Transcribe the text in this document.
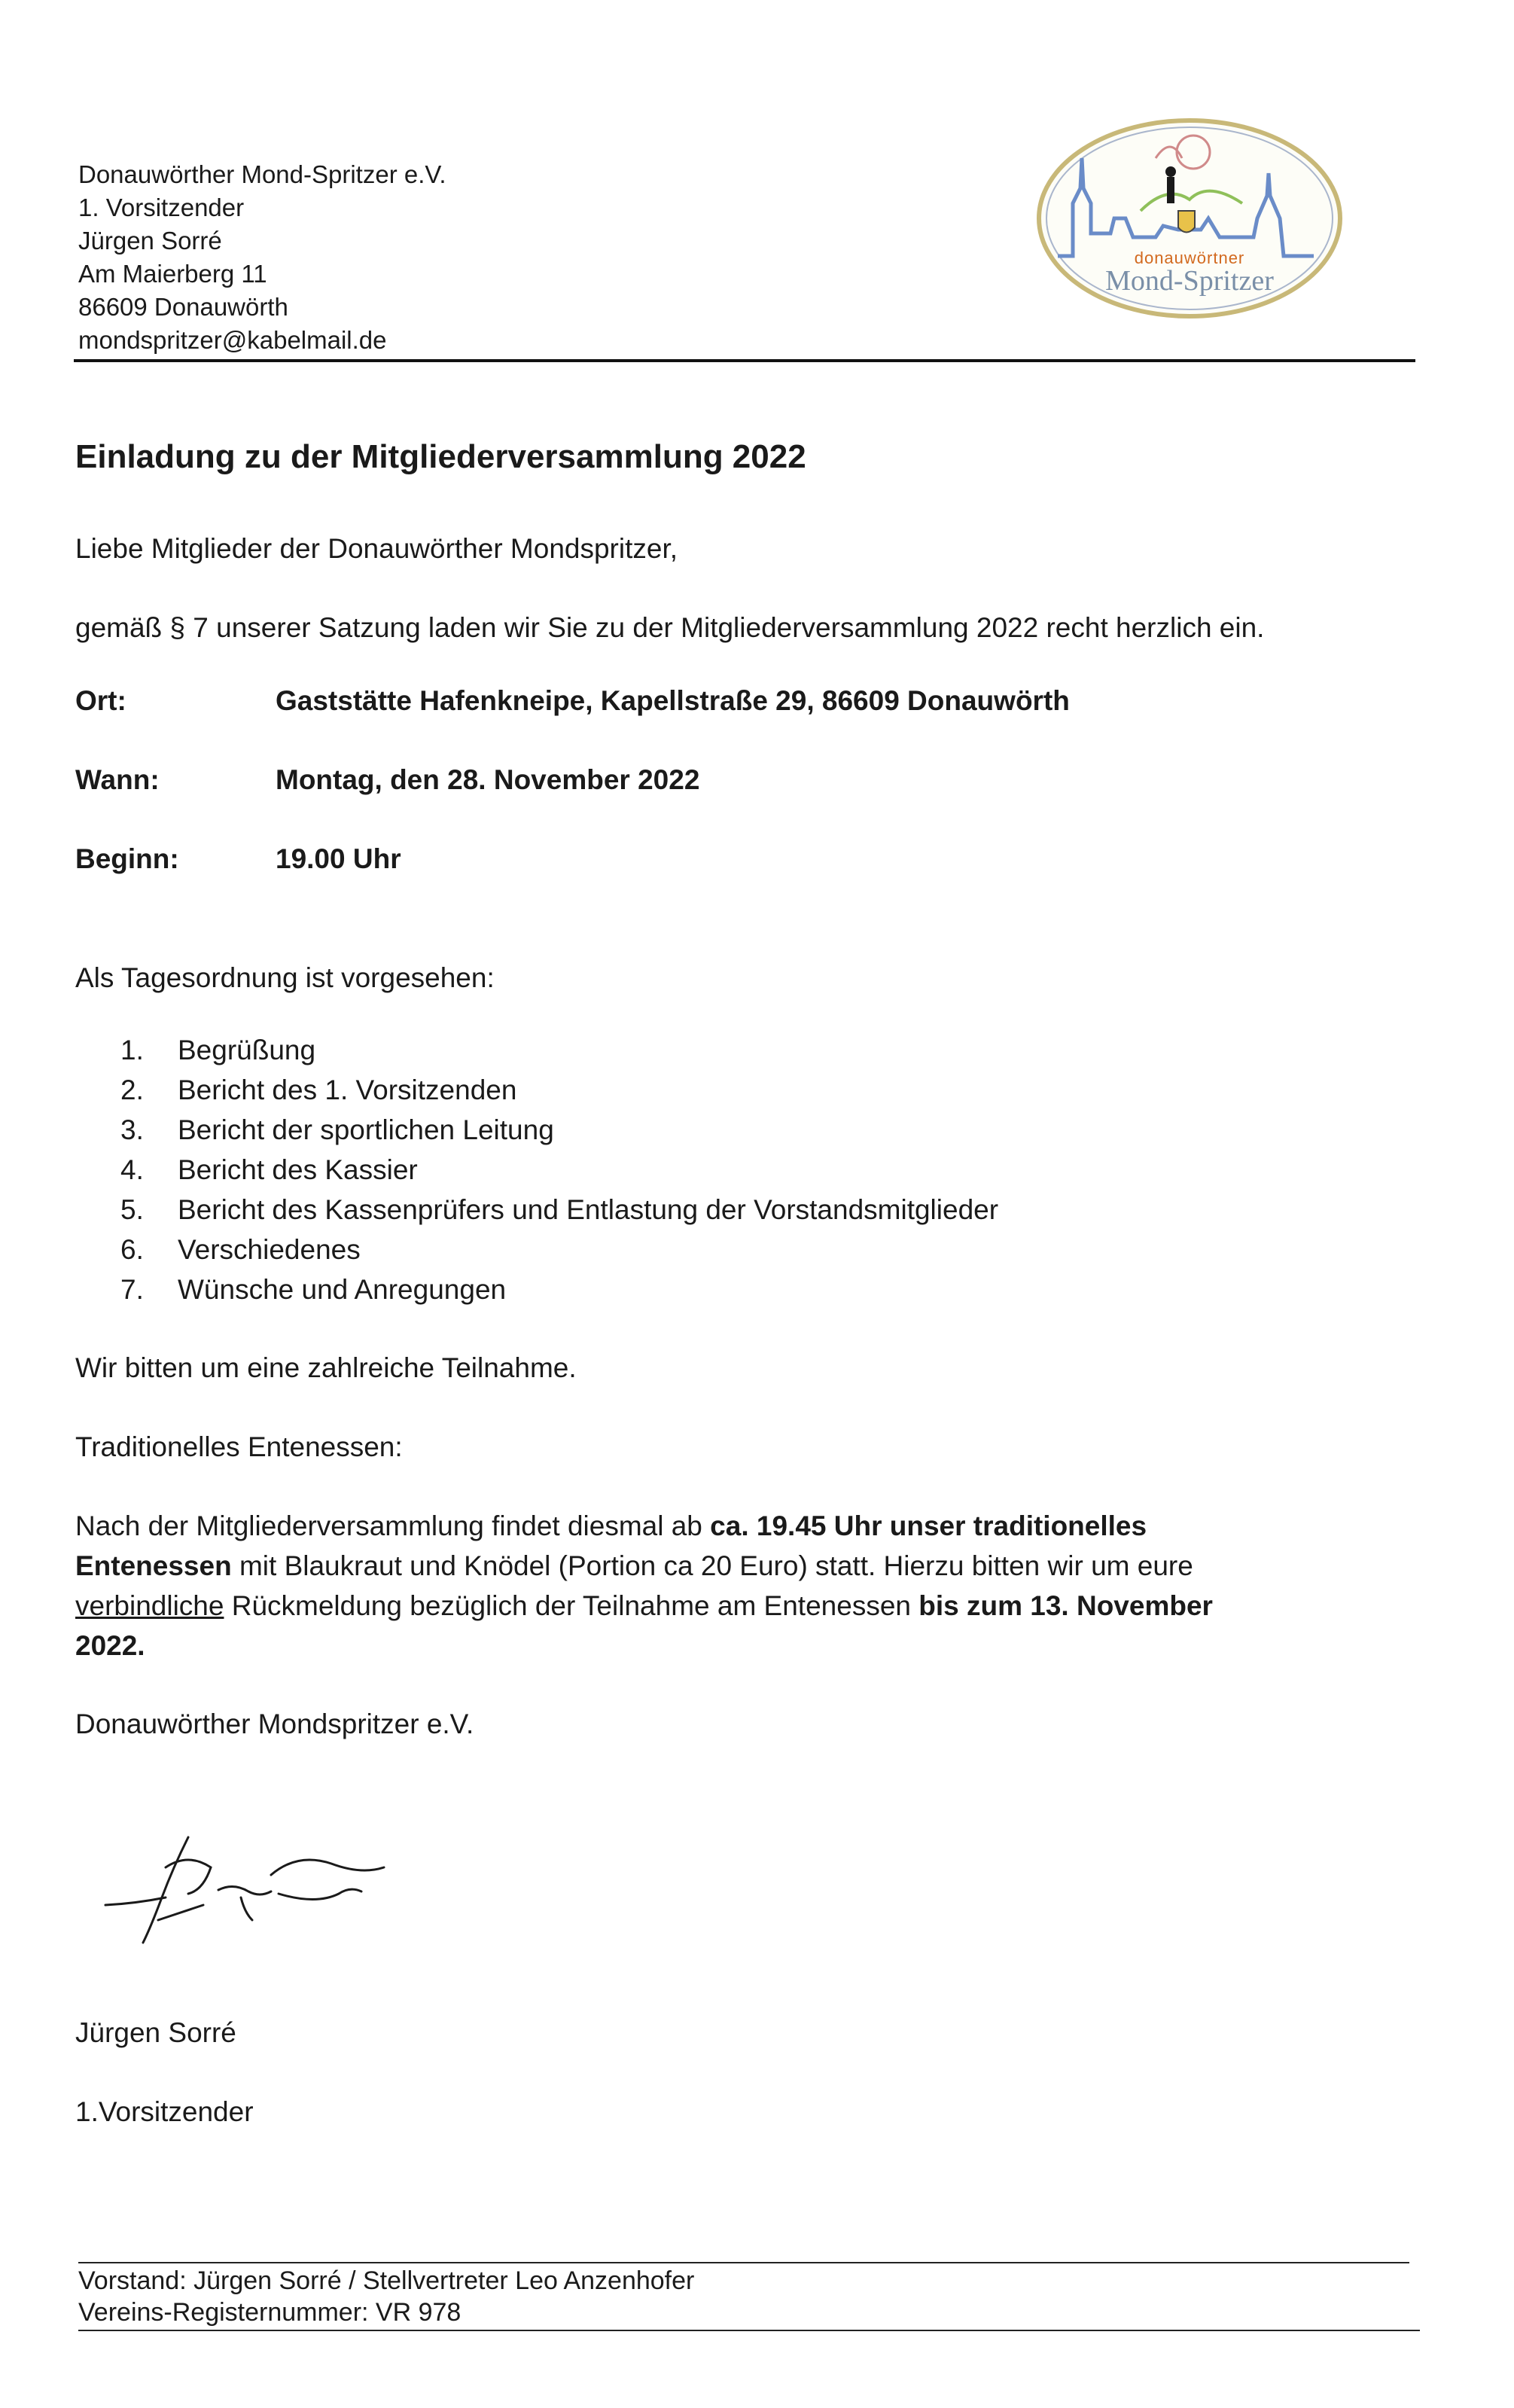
Donauwörther Mond-Spritzer e.V.
1. Vorsitzender
Jürgen Sorré
Am Maierberg 11
86609 Donauwörth
mondspritzer@kabelmail.de
donauwörtner
Mond-Spritzer
Einladung zu der Mitgliederversammlung 2022
Liebe Mitglieder der Donauwörther Mondspritzer,
gemäß § 7 unserer Satzung laden wir Sie zu der Mitgliederversammlung 2022 recht herzlich ein.
Ort:	Gaststätte Hafenkneipe, Kapellstraße 29, 86609 Donauwörth
Wann:	Montag, den 28. November 2022
Beginn:	19.00 Uhr
Als Tagesordnung ist vorgesehen:
1.	Begrüßung
2.	Bericht des 1. Vorsitzenden
3.	Bericht der sportlichen Leitung
4.	Bericht des Kassier
5.	Bericht des Kassenprüfers und Entlastung der Vorstandsmitglieder
6.	Verschiedenes
7.	Wünsche und Anregungen
Wir bitten um eine zahlreiche Teilnahme.
Traditionelles Entenessen:
Nach der Mitgliederversammlung findet diesmal ab ca. 19.45 Uhr unser traditionelles
Entenessen mit Blaukraut und Knödel (Portion ca 20 Euro) statt. Hierzu bitten wir um eure
verbindliche Rückmeldung bezüglich der Teilnahme am Entenessen bis zum 13. November
2022.
Donauwörther Mondspritzer e.V.
Jürgen Sorré
1.Vorsitzender
Vorstand: Jürgen Sorré / Stellvertreter Leo Anzenhofer
Vereins-Registernummer: VR 978
